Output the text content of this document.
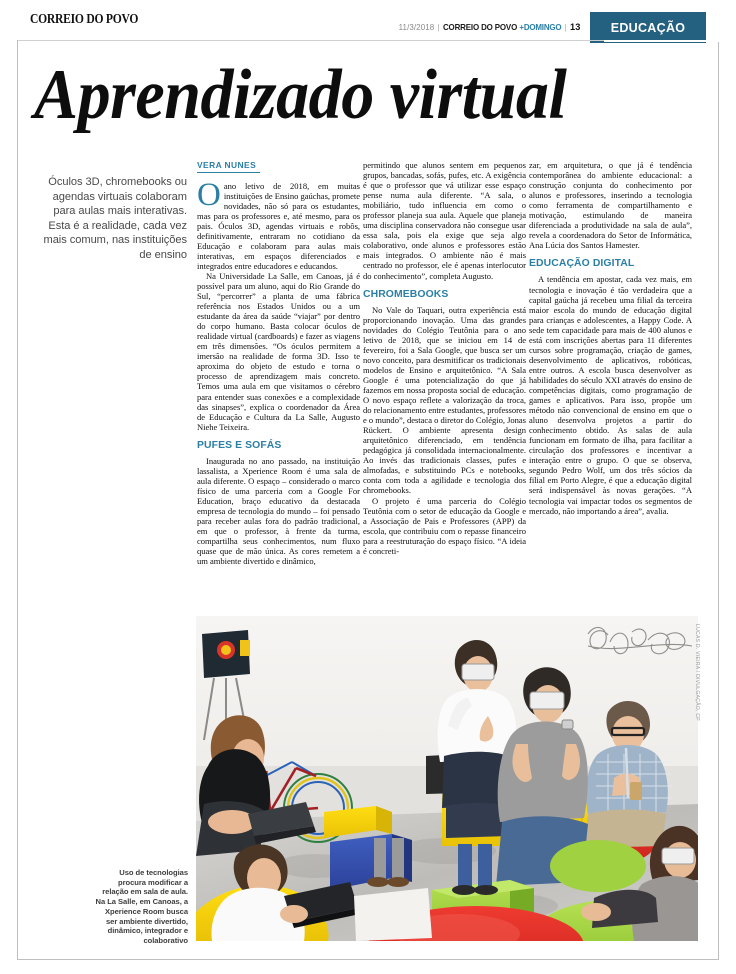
CORREIO DO POVO
11/3/2018 | CORREIO DO POVO +DOMINGO | 13	EDUCAÇÃO
Aprendizado virtual
Óculos 3D, chromebooks ou agendas virtuais colaboram para aulas mais interativas. Esta é a realidade, cada vez mais comum, nas instituições de ensino
VERA NUNES

Oano letivo de 2018, em muitas instituições de Ensino gaúchas, promete novidades, não só para os estudantes, mas para os professores e, até mesmo, para os pais. Óculos 3D, agendas virtuais e robôs, definitivamente, entraram no cotidiano da Educação e colaboram para aulas mais interativas, em espaços diferenciados e integrados entre educadores e educandos.

Na Universidade La Salle, em Canoas, já é possível para um aluno, aqui do Rio Grande do Sul, “percorrer” a planta de uma fábrica referência nos Estados Unidos ou a um estudante da área da saúde “viajar” por dentro do corpo humano. Basta colocar óculos de realidade virtual (cardboards) e fazer as viagens em três dimensões. “Os óculos permitem a imersão na realidade de forma 3D. Isso te aproxima do objeto de estudo e torna o processo de aprendizagem mais concreto. Temos uma aula em que visitamos o cérebro para entender suas conexões e a complexidade das sinapses”, explica o coordenador da Área de Educação e Cultura da La Salle, Augusto Niehe Teixeira.

PUFES E SOFÁS

Inaugurada no ano passado, na instituição lassalista, a Xperience Room é uma sala de aula diferente. O espaço – considerado o marco físico de uma parceria com a Google For Education, braço educativo da destacada empresa de tecnologia do mundo – foi pensado para receber aulas fora do padrão tradicional, em que o professor, à frente da turma, compartilha seus conhecimentos, num fluxo quase que de mão única. As cores remetem a um ambiente divertido e dinâmico,

permitindo que alunos sentem em pequenos grupos, bancadas, sofás, pufes, etc. A exigência é que o professor que vá utilizar esse espaço pense numa aula diferente. “A sala, o mobiliário, tudo influencia em como o professor planeja sua aula. Aquele que planeja uma disciplina conservadora não consegue usar essa sala, pois ela exige que seja algo colaborativo, onde alunos e professores estão mais integrados. O ambiente não é mais centrado no professor, ele é apenas interlocutor do conhecimento”, completa Augusto.

CHROMEBOOKS

No Vale do Taquari, outra experiência está proporcionando inovação. Uma das grandes novidades do Colégio Teutônia para o ano letivo de 2018, que se iniciou em 14 de fevereiro, foi a Sala Google, que busca ser um novo conceito, para desmitificar os tradicionais modelos de Ensino e arquitetônico. “A Sala Google é uma potencialização do que já fazemos em nossa proposta social de educação. O novo espaço reflete a valorização da troca, do relacionamento entre estudantes, professores e o mundo”, destaca o diretor do Colégio, Jonas Rückert. O ambiente apresenta design arquitetônico diferenciado, em tendência pedagógica já consolidada internacionalmente. Ao invés das tradicionais classes, pufes e almofadas, e substituindo PCs e notebooks, conta com toda a agilidade e tecnologia dos chromebooks.

O projeto é uma parceria do Colégio Teutônia com o setor de educação da Google e a Associação de Pais e Professores (APP) da escola, que contribuiu com o repasse financeiro para a reestruturação do espaço físico. “A ideia é concreti-

zar, em arquitetura, o que já é tendência contemporânea do ambiente educacional: a construção conjunta do conhecimento por alunos e professores, inserindo a tecnologia como ferramenta de compartilhamento e motivação, estimulando de maneira diferenciada a produtividade na sala de aula”, revela a coordenadora do Setor de Informática, Ana Lúcia dos Santos Hamester.

EDUCAÇÃO DIGITAL

A tendência em apostar, cada vez mais, em tecnologia e inovação é tão verdadeira que a capital gaúcha já recebeu uma filial da terceira maior escola do mundo de educação digital para crianças e adolescentes, a Happy Code. A sede tem capacidade para mais de 400 alunos e está com inscrições abertas para 11 diferentes cursos sobre programação, criação de games, desenvolvimento de aplicativos, robóticas, entre outros. A escola busca desenvolver as habilidades do século XXI através do ensino de competências digitais, como programação de games e aplicativos. Para isso, propõe um método não convencional de ensino em que o aluno desenvolva projetos a partir do conhecimento obtido. As salas de aula funcionam em formato de ilha, para facilitar a circulação dos professores e incentivar a interação entre o grupo. O que se observa, segundo Pedro Wolf, um dos três sócios da filial em Porto Alegre, é que a educação digital será indispensável às novas gerações. “A tecnologia vai impactar todos os segmentos de mercado, não importando a área”, avalia.

LUCAS D. VIEIRA / DIVULGAÇÃO, CP
Uso de tecnologias procura modificar a relação em sala de aula. Na La Salle, em Canoas, a Xperience Room busca ser ambiente divertido, dinâmico, integrador e colaborativo
